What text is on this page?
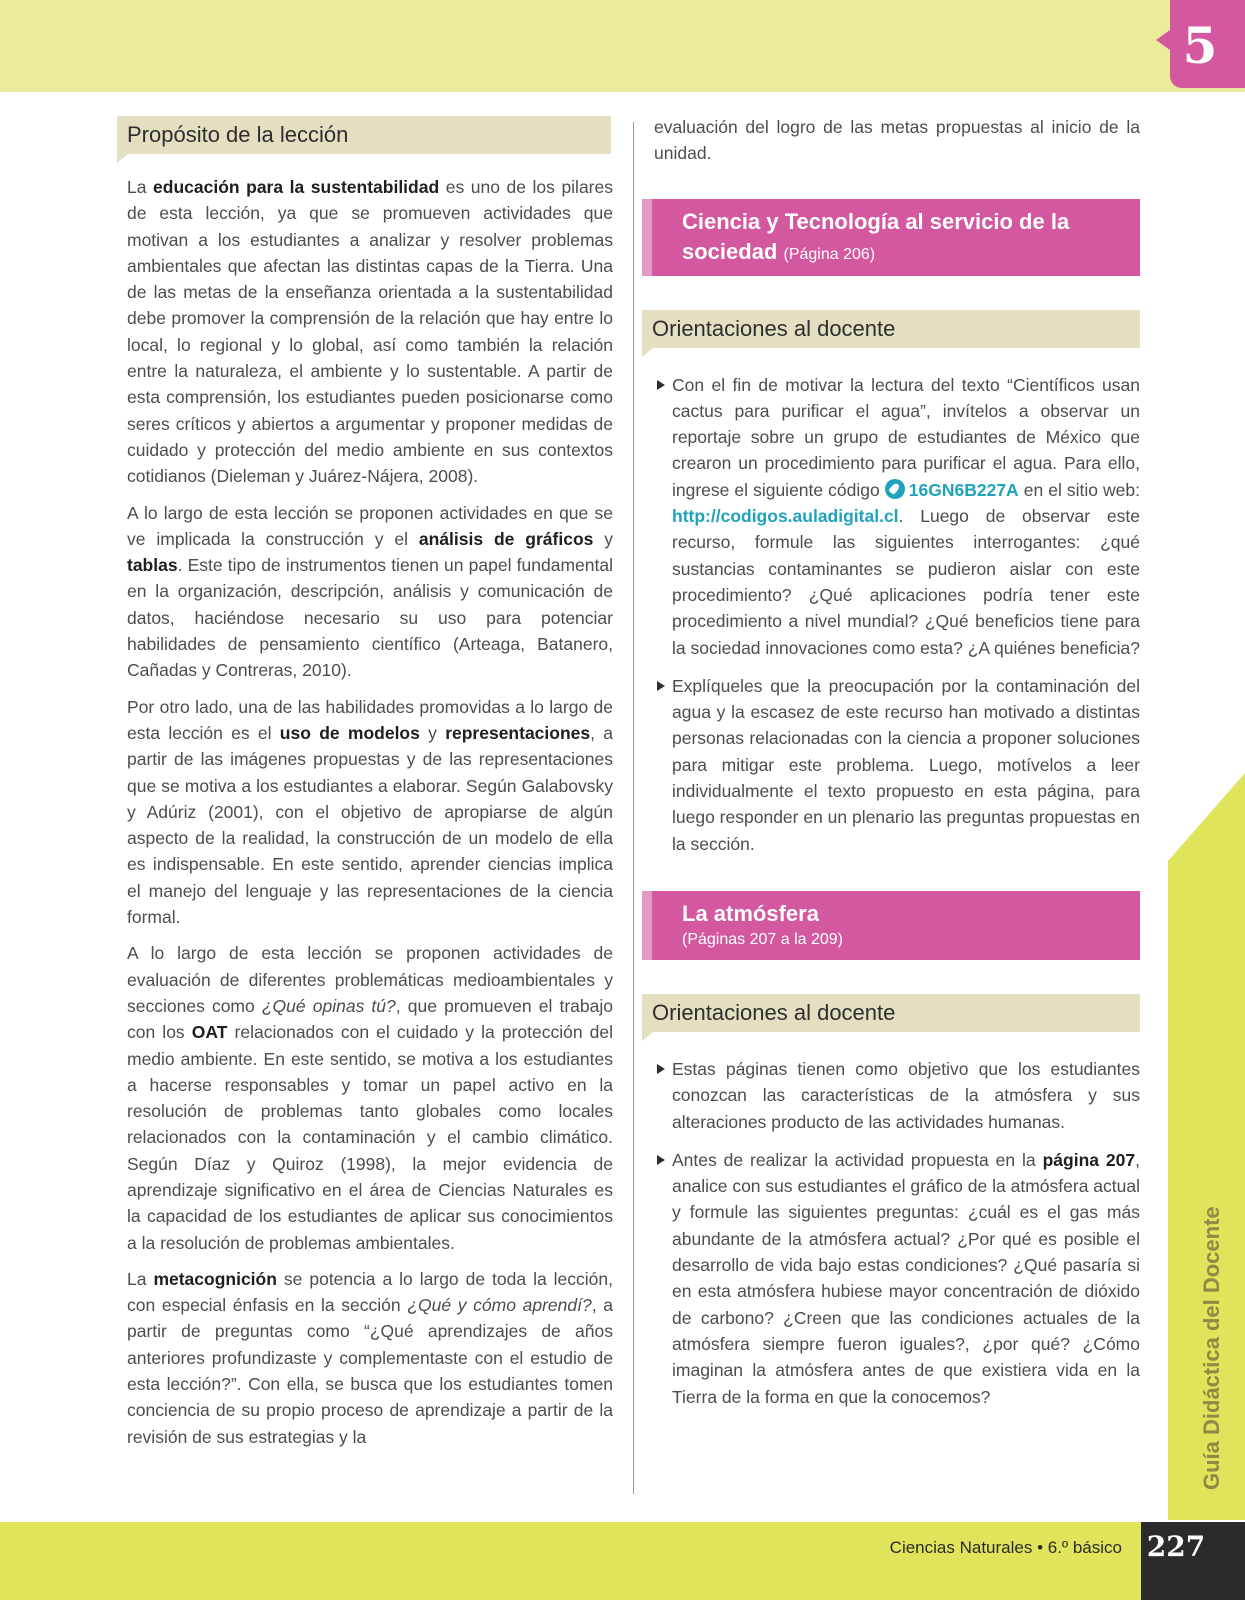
5
Guía Didáctica del Docente
Ciencias Naturales • 6.º básico 227
Propósito de la lección

La educación para la sustentabilidad es uno de los pilares de esta lección, ya que se promueven actividades que motivan a los estudiantes a analizar y resolver problemas ambientales que afectan las distintas capas de la Tierra. Una de las metas de la enseñanza orientada a la sustentabilidad debe promover la comprensión de la relación que hay entre lo local, lo regional y lo global, así como también la relación entre la naturaleza, el ambiente y lo sustentable. A partir de esta comprensión, los estudiantes pueden posicionarse como seres críticos y abiertos a argumentar y proponer medidas de cuidado y protección del medio ambiente en sus contextos cotidianos (Dieleman y Juárez-Nájera, 2008).

A lo largo de esta lección se proponen actividades en que se ve implicada la construcción y el análisis de gráficos y tablas. Este tipo de instrumentos tienen un papel fundamental en la organización, descripción, análisis y comunicación de datos, haciéndose necesario su uso para potenciar habilidades de pensamiento científico (Arteaga, Batanero, Cañadas y Contreras, 2010).

Por otro lado, una de las habilidades promovidas a lo largo de esta lección es el uso de modelos y representaciones, a partir de las imágenes propuestas y de las representaciones que se motiva a los estudiantes a elaborar. Según Galabovsky y Adúriz (2001), con el objetivo de apropiarse de algún aspecto de la realidad, la construcción de un modelo de ella es indispensable. En este sentido, aprender ciencias implica el manejo del lenguaje y las representaciones de la ciencia formal.

A lo largo de esta lección se proponen actividades de evaluación de diferentes problemáticas medioambientales y secciones como ¿Qué opinas tú?, que promueven el trabajo con los OAT relacionados con el cuidado y la protección del medio ambiente. En este sentido, se motiva a los estudiantes a hacerse responsables y tomar un papel activo en la resolución de problemas tanto globales como locales relacionados con la contaminación y el cambio climático. Según Díaz y Quiroz (1998), la mejor evidencia de aprendizaje significativo en el área de Ciencias Naturales es la capacidad de los estudiantes de aplicar sus conocimientos a la resolución de problemas ambientales.

La metacognición se potencia a lo largo de toda la lección, con especial énfasis en la sección ¿Qué y cómo aprendí?, a partir de preguntas como “¿Qué aprendizajes de años anteriores profundizaste y complementaste con el estudio de esta lección?”. Con ella, se busca que los estudiantes tomen conciencia de su propio proceso de aprendizaje a partir de la revisión de sus estrategias y la

evaluación del logro de las metas propuestas al inicio de la unidad.

Ciencia y Tecnología al servicio de la sociedad (Página 206)
Orientaciones al docente
Con el fin de motivar la lectura del texto “Científicos usan cactus para purificar el agua”, invítelos a observar un reportaje sobre un grupo de estudiantes de México que crearon un procedimiento para purificar el agua. Para ello, ingrese el siguiente código 16GN6B227A en el sitio web: http://codigos.auladigital.cl. Luego de observar este recurso, formule las siguientes interrogantes: ¿qué sustancias contaminantes se pudieron aislar con este procedimiento? ¿Qué aplicaciones podría tener este procedimiento a nivel mundial? ¿Qué beneficios tiene para la sociedad innovaciones como esta? ¿A quiénes beneficia?
Explíqueles que la preocupación por la contaminación del agua y la escasez de este recurso han motivado a distintas personas relacionadas con la ciencia a proponer soluciones para mitigar este problema. Luego, motívelos a leer individualmente el texto propuesto en esta página, para luego responder en un plenario las preguntas propuestas en la sección.
La atmósfera
(Páginas 207 a la 209)
Orientaciones al docente
Estas páginas tienen como objetivo que los estudiantes conozcan las características de la atmósfera y sus alteraciones producto de las actividades humanas.
Antes de realizar la actividad propuesta en la página 207, analice con sus estudiantes el gráfico de la atmósfera actual y formule las siguientes preguntas: ¿cuál es el gas más abundante de la atmósfera actual? ¿Por qué es posible el desarrollo de vida bajo estas condiciones? ¿Qué pasaría si en esta atmósfera hubiese mayor concentración de dióxido de carbono? ¿Creen que las condiciones actuales de la atmósfera siempre fueron iguales?, ¿por qué? ¿Cómo imaginan la atmósfera antes de que existiera vida en la Tierra de la forma en que la conocemos?
